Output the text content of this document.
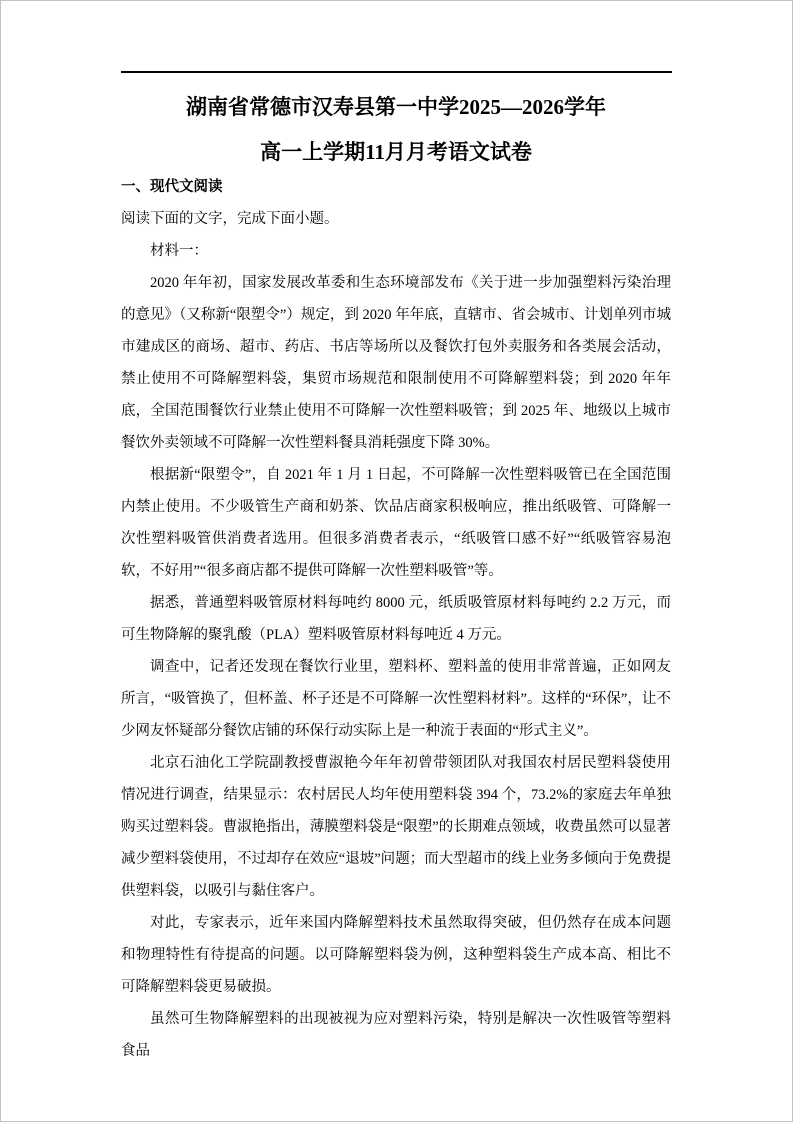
湖南省常德市汉寿县第一中学2025—2026学年

高一上学期11月月考语文试卷

一、现代文阅读

阅读下面的文字，完成下面小题。

材料一：

2020 年年初，国家发展改革委和生态环境部发布《关于进一步加强塑料污染治理的意见》（又称新“限塑令”）规定，到 2020 年年底，直辖市、省会城市、计划单列市城市建成区的商场、超市、药店、书店等场所以及餐饮打包外卖服务和各类展会活动，禁止使用不可降解塑料袋，集贸市场规范和限制使用不可降解塑料袋；到 2020 年年底，全国范围餐饮行业禁止使用不可降解一次性塑料吸管；到 2025 年、地级以上城市餐饮外卖领域不可降解一次性塑料餐具消耗强度下降 30%。

根据新“限塑令”，自 2021 年 1 月 1 日起，不可降解一次性塑料吸管已在全国范围内禁止使用。不少吸管生产商和奶茶、饮品店商家积极响应，推出纸吸管、可降解一次性塑料吸管供消费者选用。但很多消费者表示，“纸吸管口感不好”“纸吸管容易泡软，不好用”“很多商店都不提供可降解一次性塑料吸管”等。

据悉，普通塑料吸管原材料每吨约 8000 元，纸质吸管原材料每吨约 2.2 万元，而可生物降解的聚乳酸（PLA）塑料吸管原材料每吨近 4 万元。

调查中，记者还发现在餐饮行业里，塑料杯、塑料盖的使用非常普遍，正如网友所言，“吸管换了，但杯盖、杯子还是不可降解一次性塑料材料”。这样的“环保”，让不少网友怀疑部分餐饮店铺的环保行动实际上是一种流于表面的“形式主义”。

北京石油化工学院副教授曹淑艳今年年初曾带领团队对我国农村居民塑料袋使用情况进行调查，结果显示：农村居民人均年使用塑料袋 394 个，73.2%的家庭去年单独购买过塑料袋。曹淑艳指出，薄膜塑料袋是“限塑”的长期难点领域，收费虽然可以显著减少塑料袋使用，不过却存在效应“退坡”问题；而大型超市的线上业务多倾向于免费提供塑料袋，以吸引与黏住客户。

对此，专家表示，近年来国内降解塑料技术虽然取得突破，但仍然存在成本问题和物理特性有待提高的问题。以可降解塑料袋为例，这种塑料袋生产成本高、相比不可降解塑料袋更易破损。

虽然可生物降解塑料的出现被视为应对塑料污染，特别是解决一次性吸管等塑料食品
